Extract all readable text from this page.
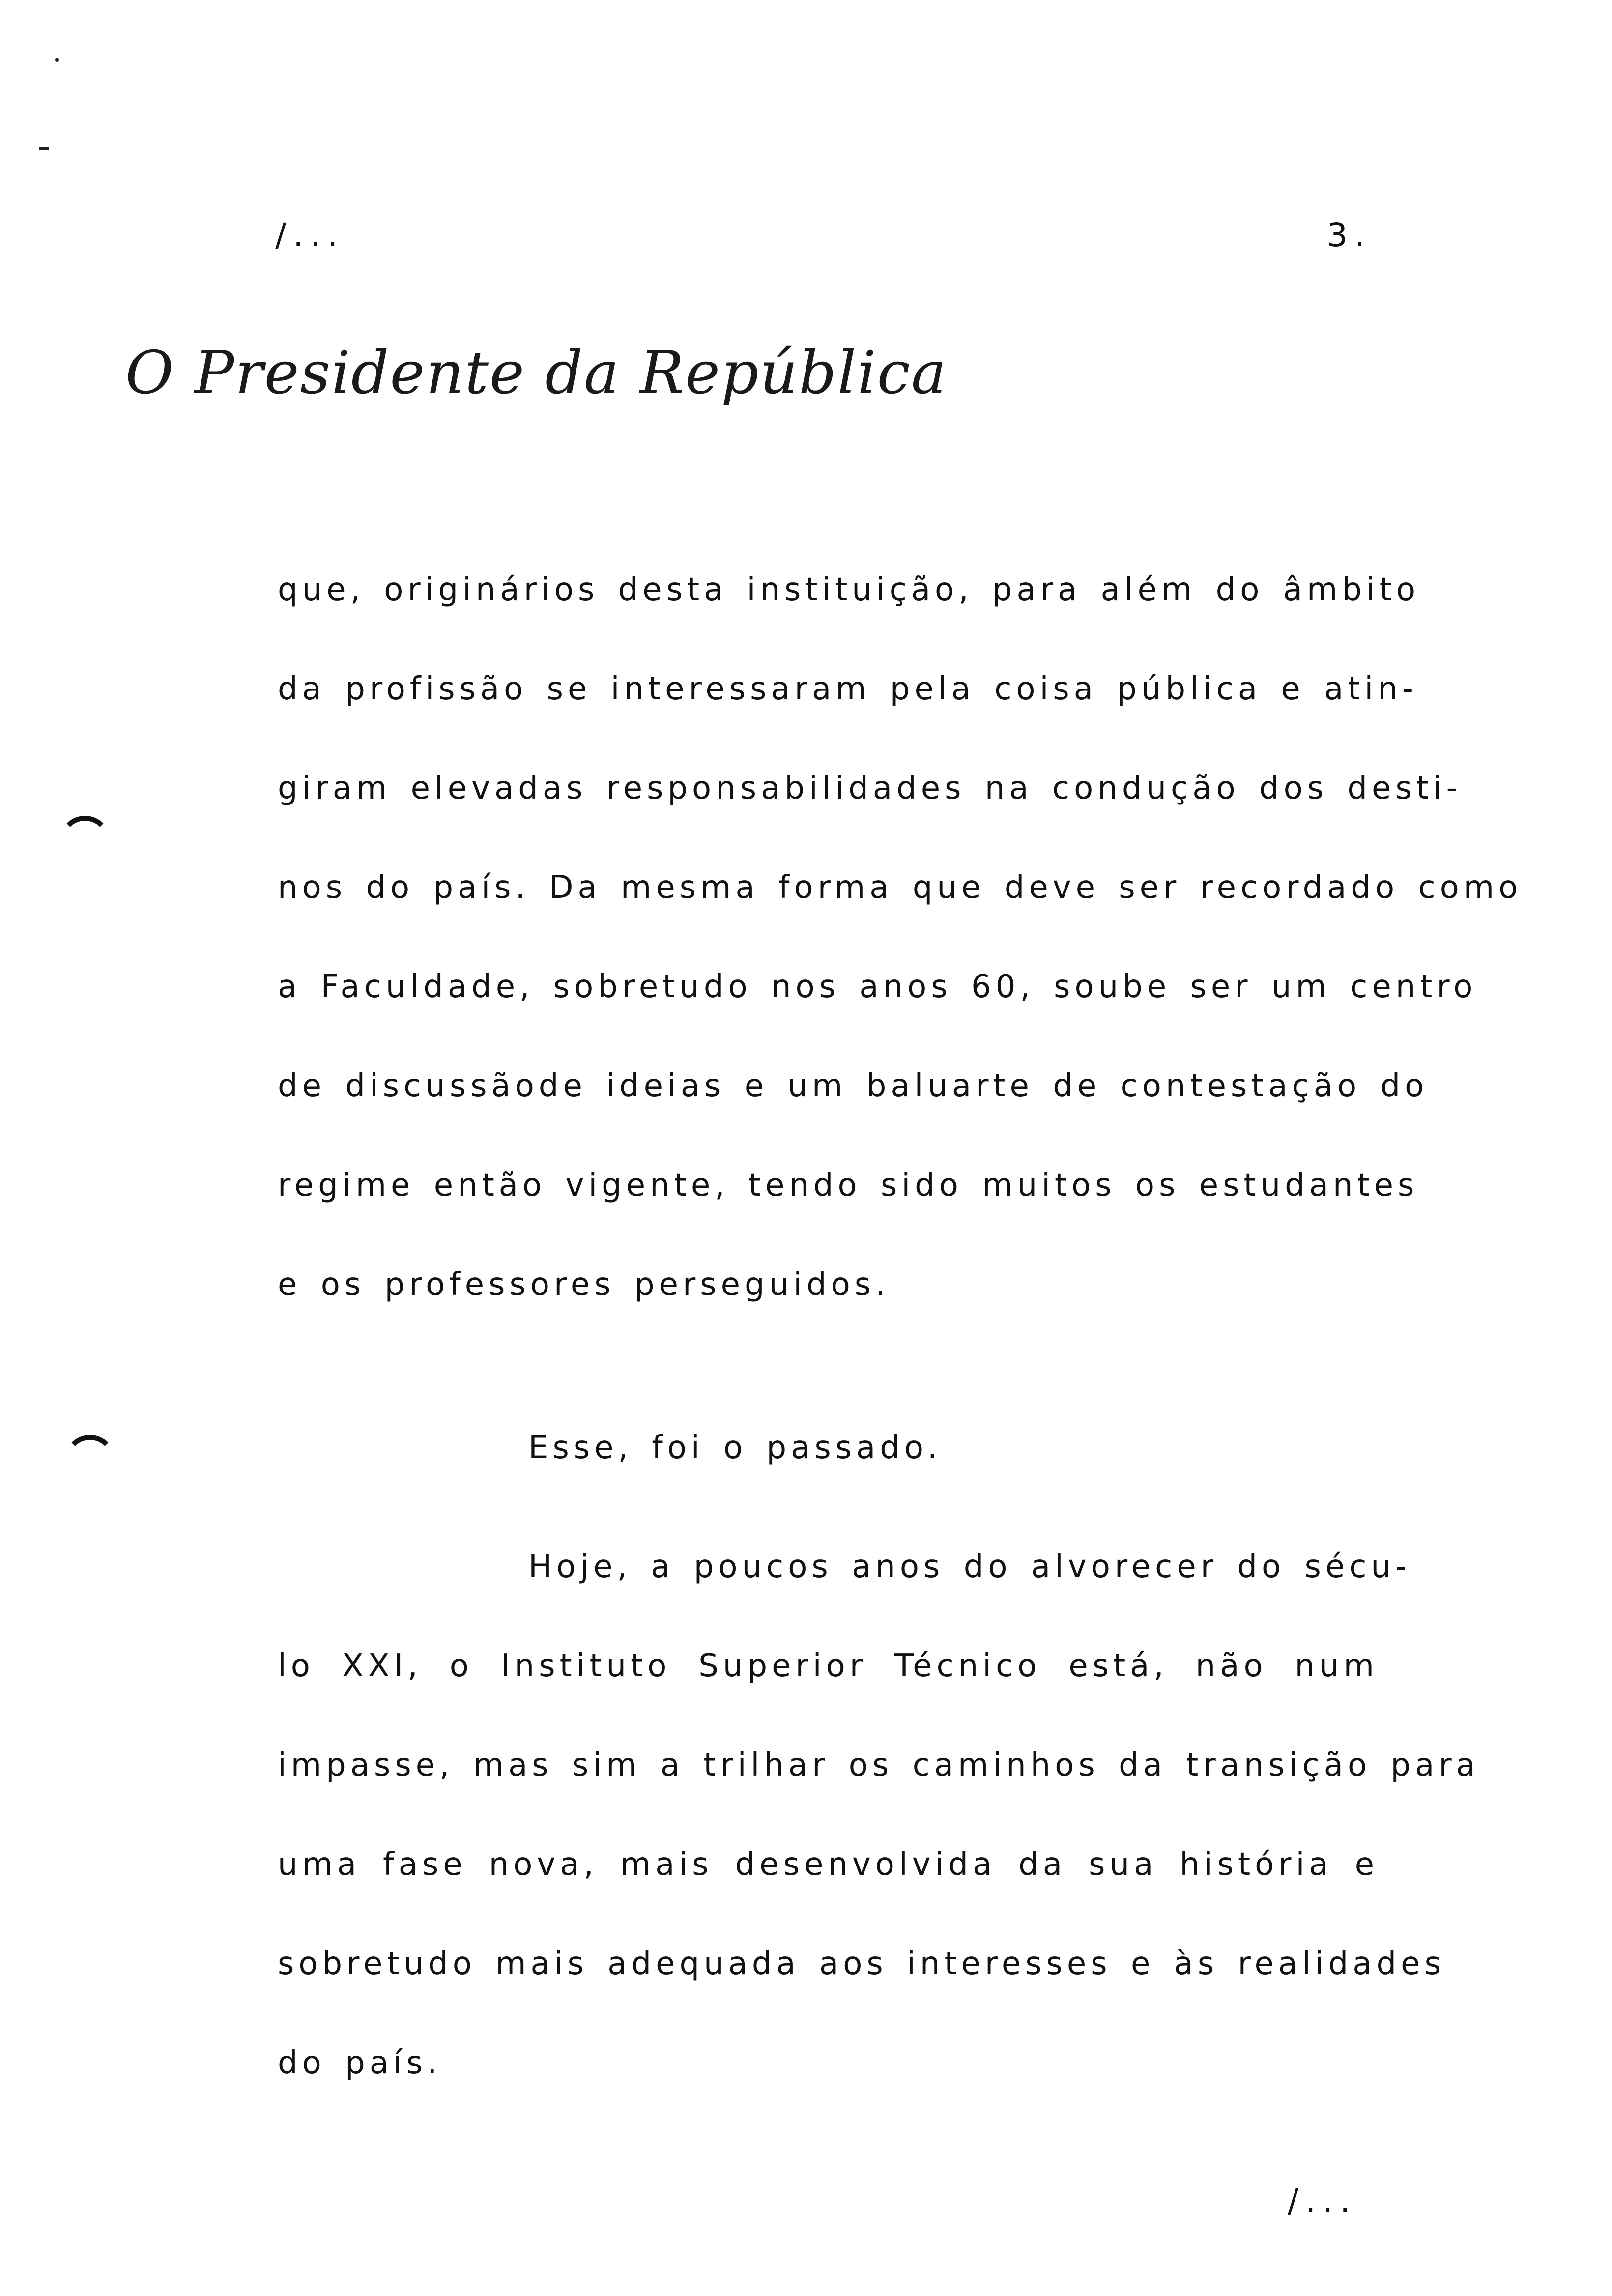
/...	3.
O Presidente da República
que, originários desta instituição, para além do âmbito
da profissão se interessaram pela coisa pública e atin-
giram elevadas responsabilidades na condução dos desti-
nos do país. Da mesma forma que deve ser recordado como
a Faculdade, sobretudo nos anos 60, soube ser um centro
de discussãode ideias e um baluarte de contestação do
regime então vigente, tendo sido muitos os estudantes
e os professores perseguidos.
Esse, foi o passado.
Hoje, a poucos anos do alvorecer do sécu-
lo XXI, o Instituto Superior Técnico está, não num
impasse, mas sim a trilhar os caminhos da transição para
uma fase nova, mais desenvolvida da sua história e
sobretudo mais adequada aos interesses e às realidades
do país.
/...
